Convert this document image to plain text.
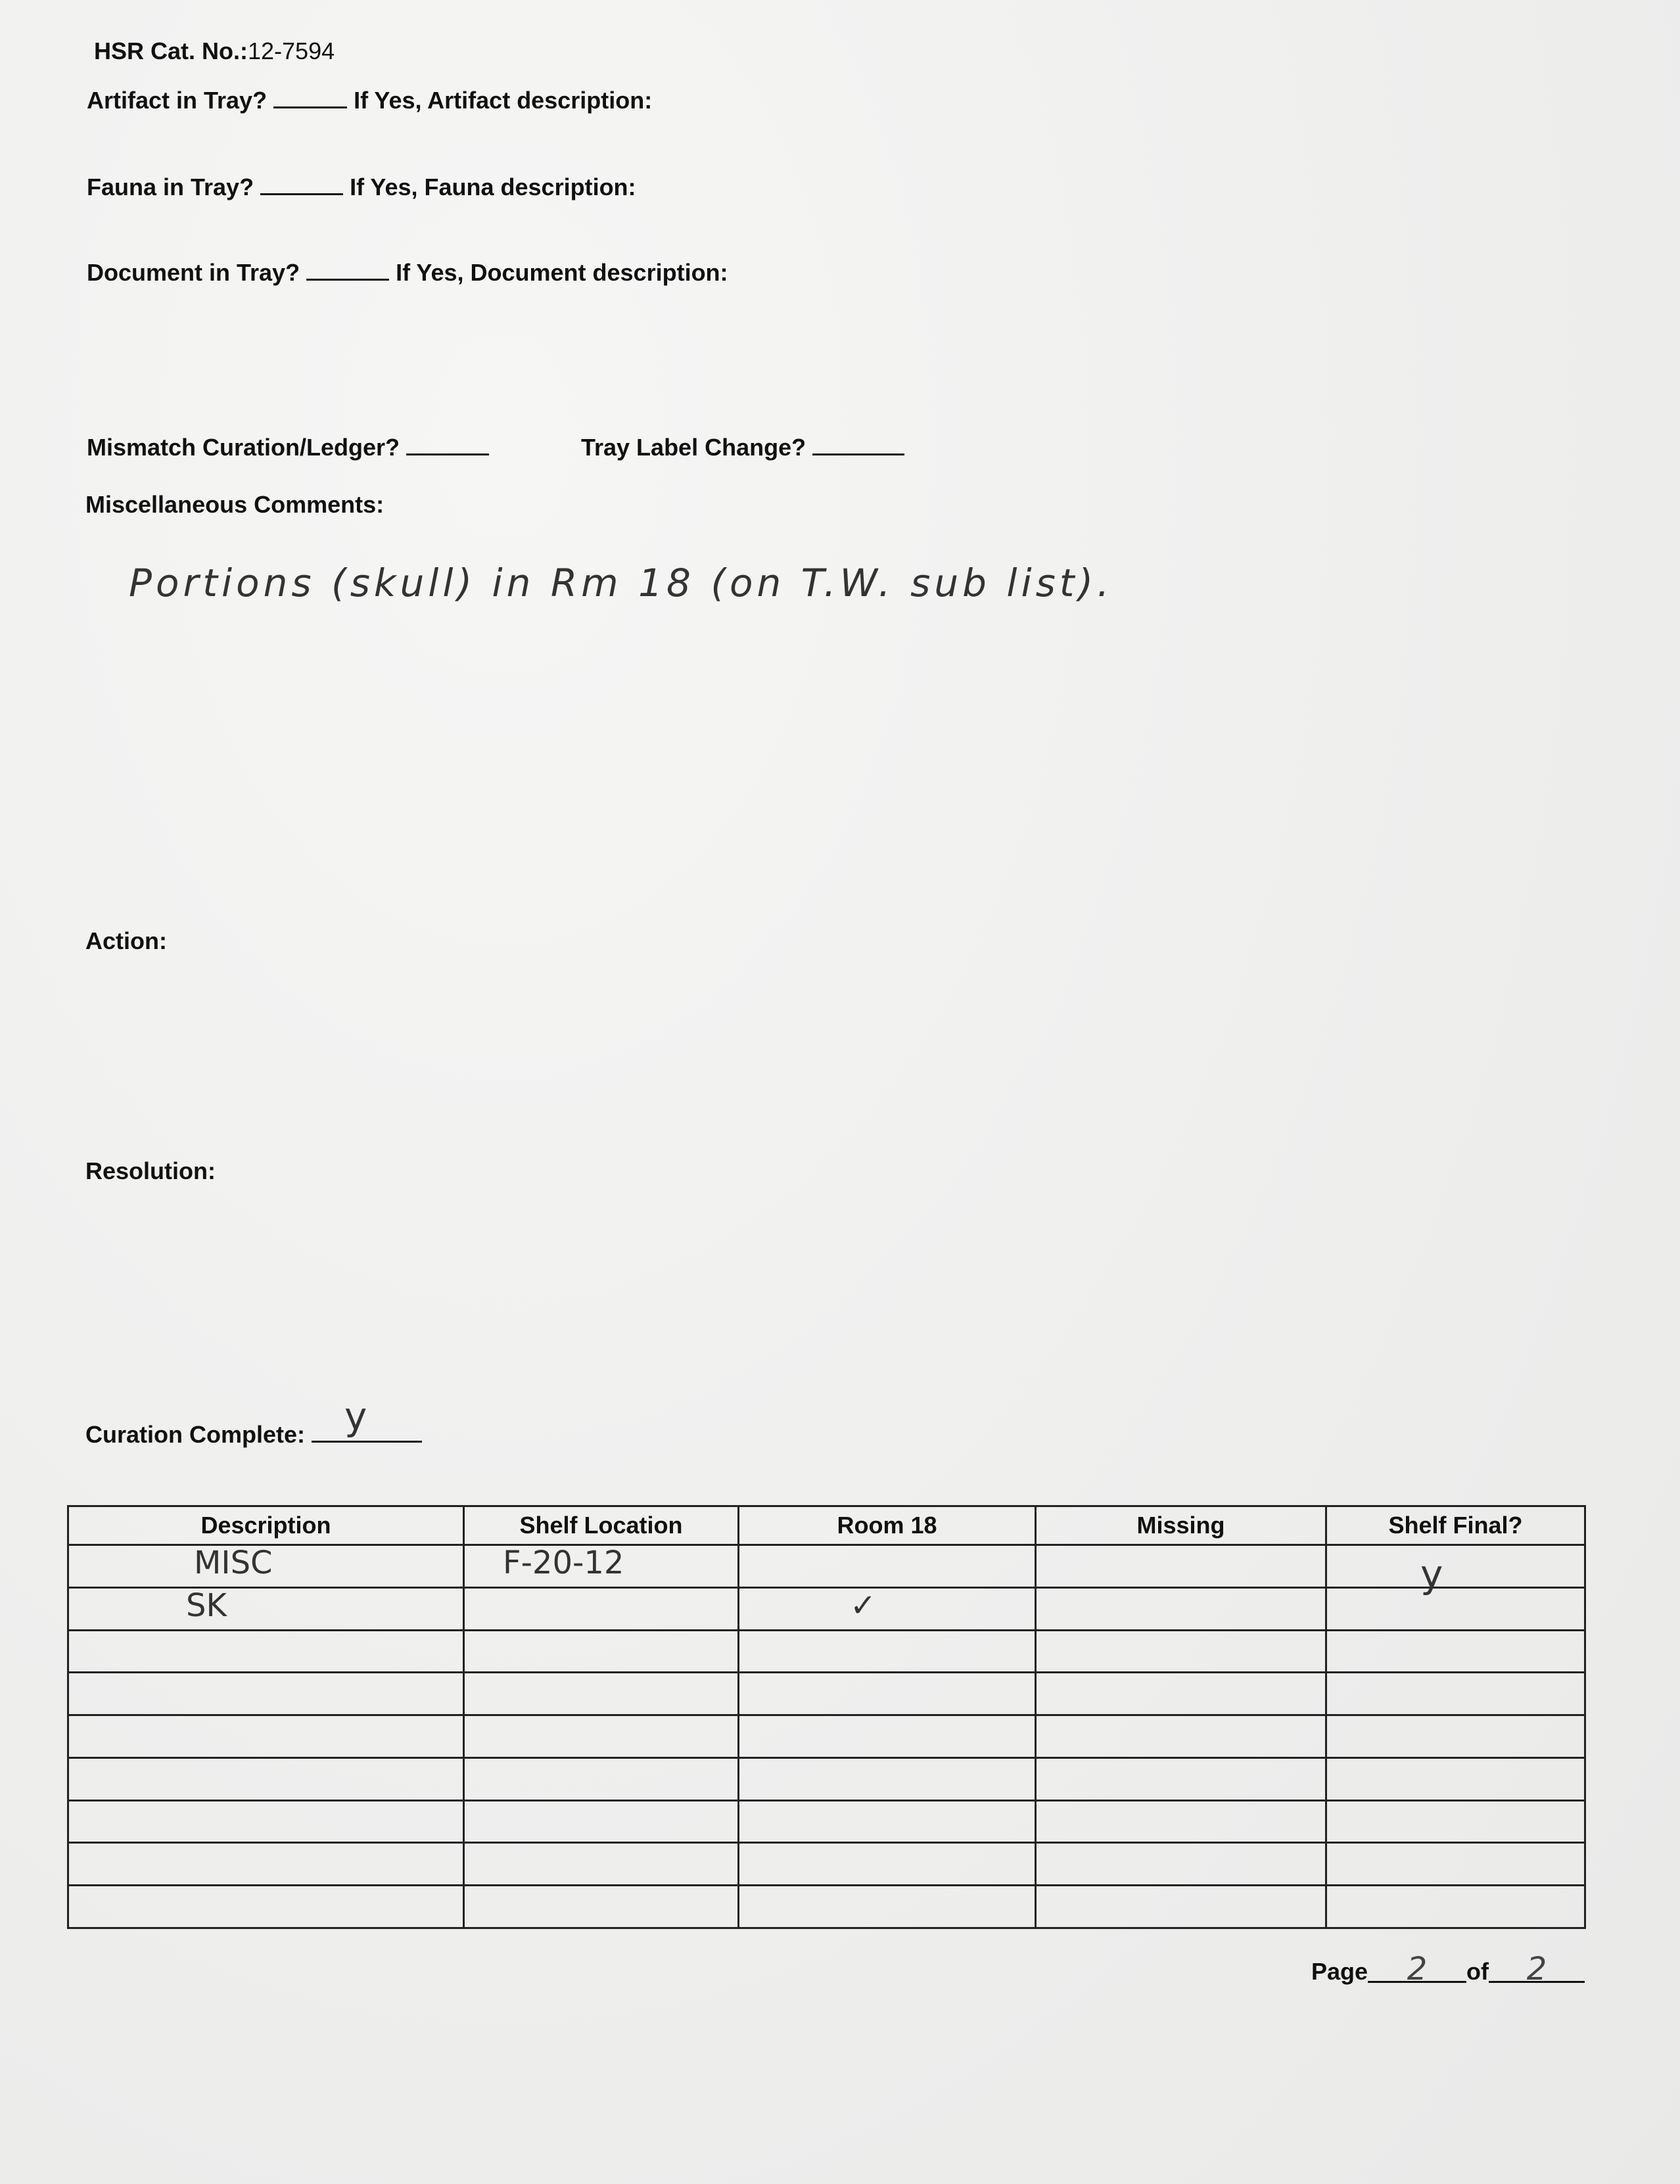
HSR Cat. No.:12-7594
Artifact in Tray?	If Yes, Artifact description:
Fauna in Tray?	If Yes, Fauna description:
Document in Tray?	If Yes, Document description:
Mismatch Curation/Ledger?	Tray Label Change?
Miscellaneous Comments:
Portions (skull) in Rm 18 (on T.W. sub list).
Action:
Resolution:
Curation Complete: y
Description	Shelf Location	Room 18	Missing	Shelf Final?

MISC	F-20-12			y

SK		✓		

Page 2 of 2
